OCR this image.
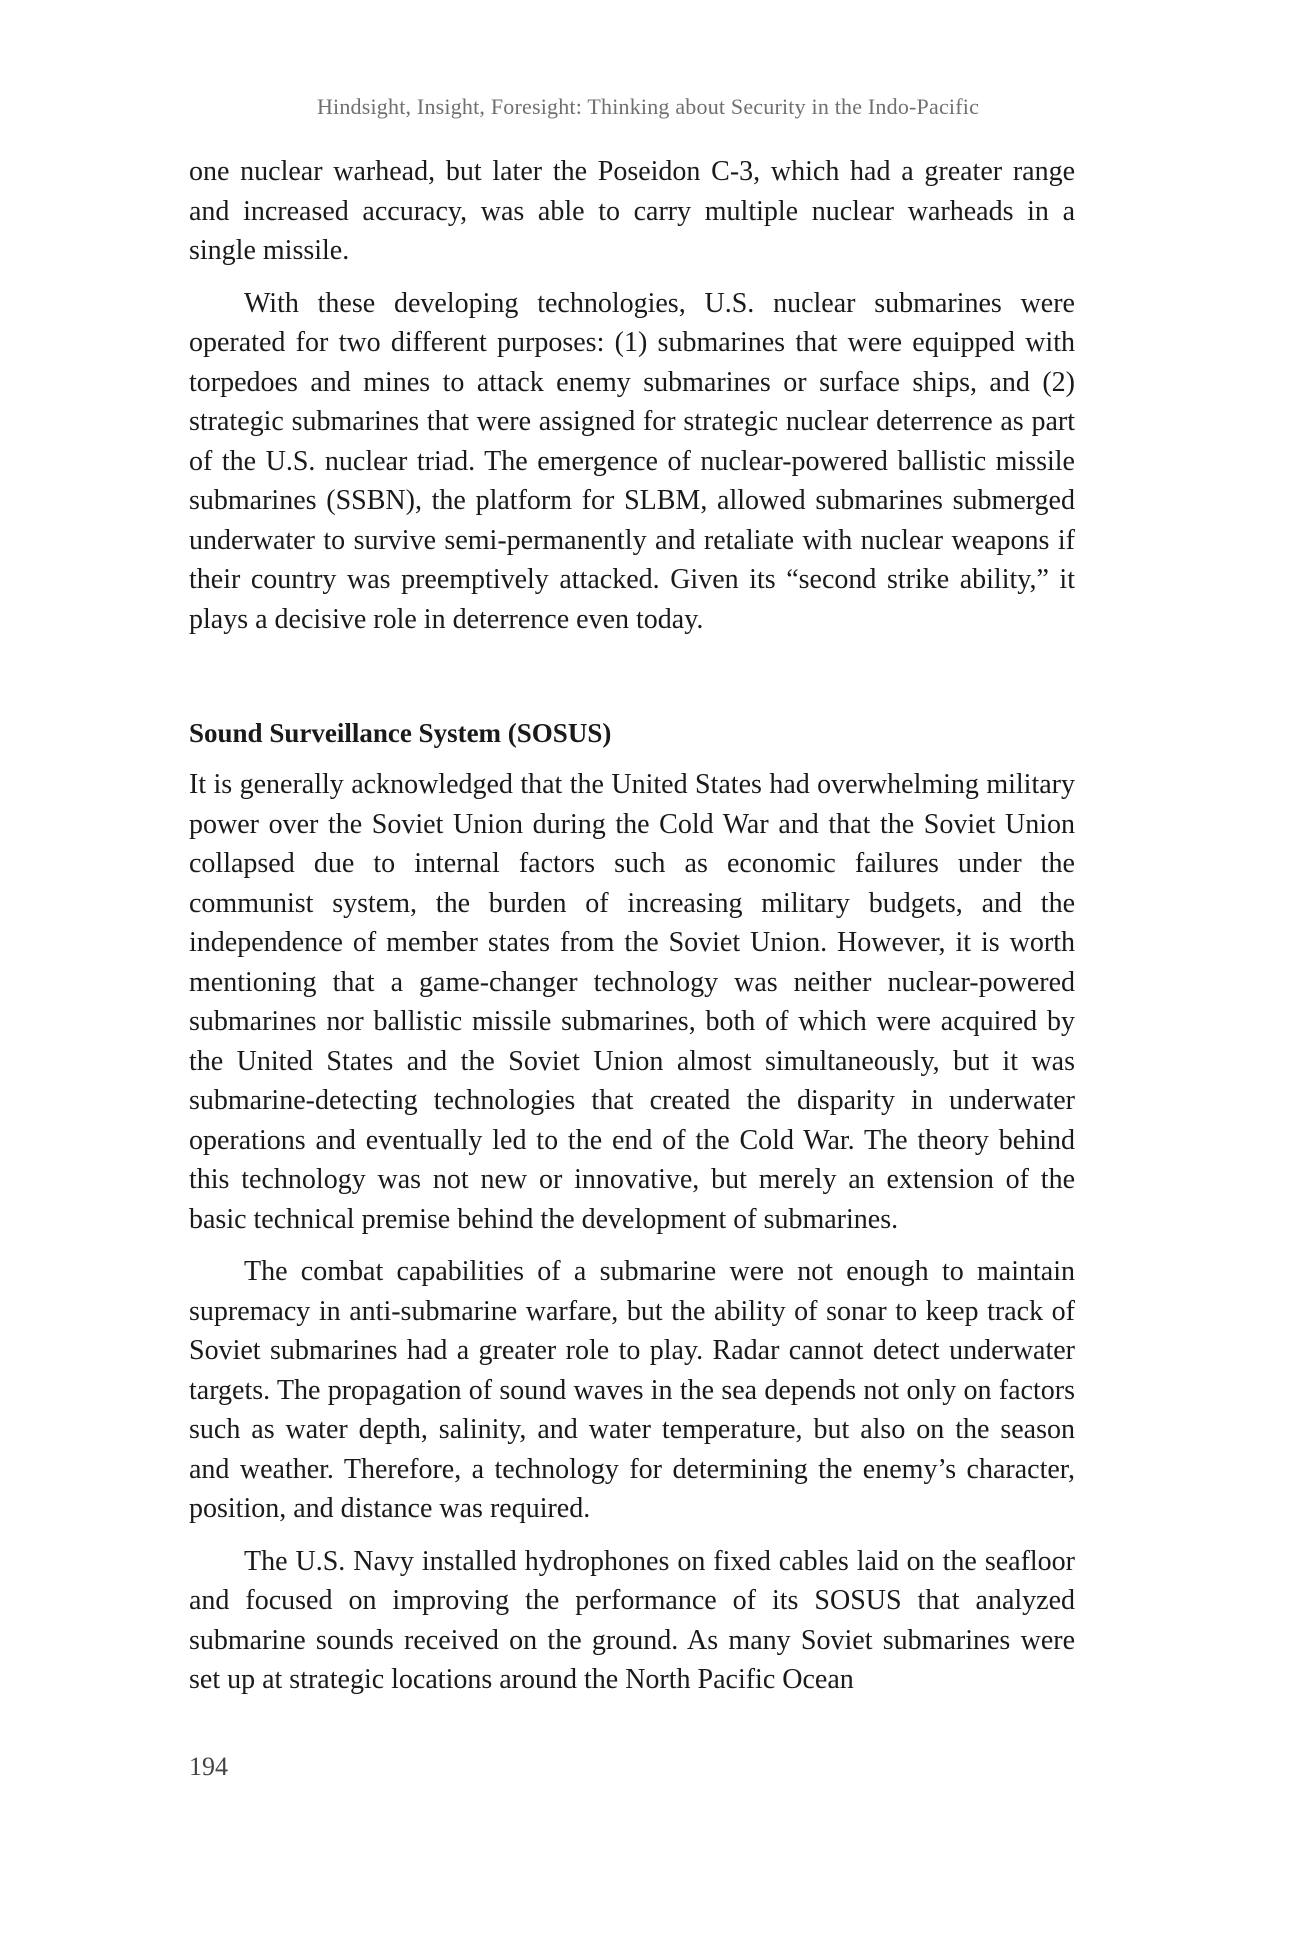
Hindsight, Insight, Foresight: Thinking about Security in the Indo-Pacific

one nuclear warhead, but later the Poseidon C-3, which had a greater range and increased accuracy, was able to carry multiple nuclear warheads in a single missile.

With these developing technologies, U.S. nuclear submarines were operated for two different purposes: (1) submarines that were equipped with torpedoes and mines to attack enemy submarines or surface ships, and (2) strategic submarines that were assigned for strategic nuclear deterrence as part of the U.S. nuclear triad. The emergence of nuclear-powered ballistic missile submarines (SSBN), the platform for SLBM, allowed submarines submerged underwater to survive semi-permanently and retaliate with nuclear weapons if their country was preemptively attacked. Given its “second strike ability,” it plays a decisive role in deterrence even today.

Sound Surveillance System (SOSUS)

It is generally acknowledged that the United States had overwhelming military power over the Soviet Union during the Cold War and that the Soviet Union collapsed due to internal factors such as economic failures under the communist system, the burden of increasing military budgets, and the independence of member states from the Soviet Union. However, it is worth mentioning that a game-changer technology was neither nuclear-powered submarines nor ballistic missile submarines, both of which were acquired by the United States and the Soviet Union almost simultaneously, but it was submarine-detecting technologies that created the disparity in underwater operations and eventually led to the end of the Cold War. The theory behind this technology was not new or innovative, but merely an extension of the basic technical premise behind the development of submarines.

The combat capabilities of a submarine were not enough to maintain supremacy in anti-submarine warfare, but the ability of sonar to keep track of Soviet submarines had a greater role to play. Radar cannot detect underwater targets. The propagation of sound waves in the sea depends not only on factors such as water depth, salinity, and water temperature, but also on the season and weather. Therefore, a technology for determining the enemy’s character, position, and distance was required.

The U.S. Navy installed hydrophones on fixed cables laid on the seafloor and focused on improving the performance of its SOSUS that analyzed submarine sounds received on the ground. As many Soviet submarines were set up at strategic locations around the North Pacific Ocean

194
